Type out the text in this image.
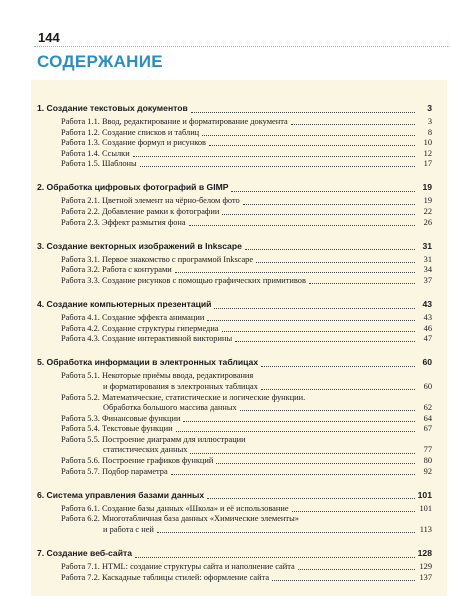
144
СОДЕРЖАНИЕ
1. Создание текстовых документов	3
Работа 1.1. Ввод, редактирование и форматирование документа	3
Работа 1.2. Создание списков и таблиц	8
Работа 1.3. Создание формул и рисунков	10
Работа 1.4. Ссылки	12
Работа 1.5. Шаблоны	17
2. Обработка цифровых фотографий в GIMP	19
Работа 2.1. Цветной элемент на чёрно-белом фото	19
Работа 2.2. Добавление рамки к фотографии	22
Работа 2.3. Эффект размытия фона	26
3. Создание векторных изображений в Inkscape	31
Работа 3.1. Первое знакомство с программой Inkscape	31
Работа 3.2. Работа с контурами	34
Работа 3.3. Создание рисунков с помощью графических примитивов	37
4. Создание компьютерных презентаций	43
Работа 4.1. Создание эффекта анимации	43
Работа 4.2. Создание структуры гипермедиа	46
Работа 4.3. Создание интерактивной викторины	47
5. Обработка информации в электронных таблицах	60
Работа 5.1. Некоторые приёмы ввода, редактирования
и форматирования в электронных таблицах	60
Работа 5.2. Математические, статистические и логические функции.
Обработка большого массива данных	62
Работа 5.3. Финансовые функции	64
Работа 5.4. Текстовые функции	67
Работа 5.5. Построение диаграмм для иллюстрации
статистических данных	77
Работа 5.6. Построение графиков функций	80
Работа 5.7. Подбор параметра	92
6. Система управления базами данных	101
Работа 6.1. Создание базы данных «Школа» и её использование	101
Работа 6.2. Многотабличная база данных «Химические элементы»
и работа с ней	113
7. Создание веб-сайта	128
Работа 7.1. HTML: создание структуры сайта и наполнение сайта	129
Работа 7.2. Каскадные таблицы стилей: оформление сайта	137
